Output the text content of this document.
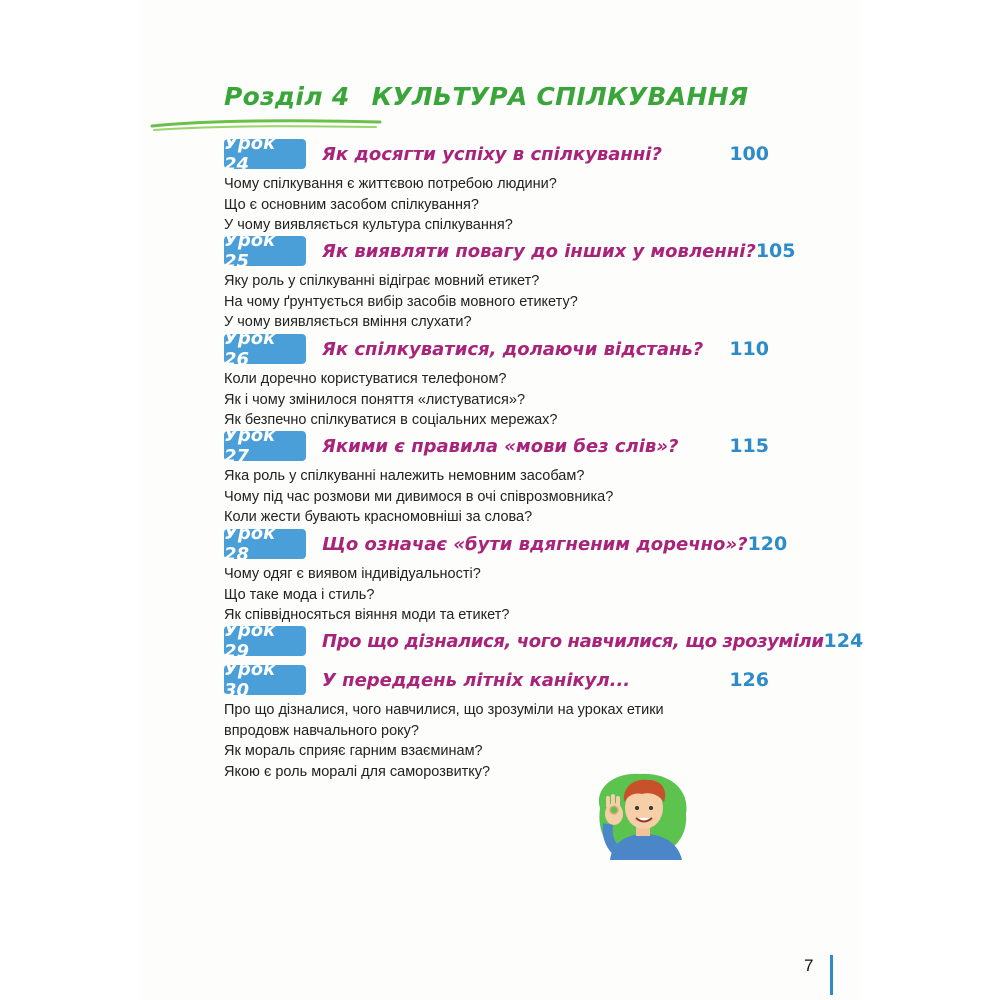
Розділ 4 КУЛЬТУРА СПІЛКУВАННЯ
Урок 24	Як досягти успіху в спілкуванні?	100
Чому спілкування є життєвою потребою людини?
Що є основним засобом спілкування?
У чому виявляється культура спілкування?
Урок 25	Як виявляти повагу до інших у мовленні? 105
Яку роль у спілкуванні відіграє мовний етикет?
На чому ґрунтується вибір засобів мовного етикету?
У чому виявляється вміння слухати?
Урок 26	Як спілкуватися, долаючи відстань?	110
Коли доречно користуватися телефоном?
Як і чому змінилося поняття «листуватися»?
Як безпечно спілкуватися в соціальних мережах?
Урок 27	Якими є правила «мови без слів»?	115
Яка роль у спілкуванні належить немовним засобам?
Чому під час розмови ми дивимося в очі співрозмовника?
Коли жести бувають красномовніші за слова?
Урок 28	Що означає «бути вдягненим доречно»? 120
Чому одяг є виявом індивідуальності?
Що таке мода і стиль?
Як співвідносяться віяння моди та етикет?
Урок 29	Про що дізналися, чого навчилися, що зрозуміли 124
Урок 30	У переддень літніх канікул...	126
Про що дізналися, чого навчилися, що зрозуміли на уроках етики
впродовж навчального року?
Як мораль сприяє гарним взаєминам?
Якою є роль моралі для саморозвитку?
7
